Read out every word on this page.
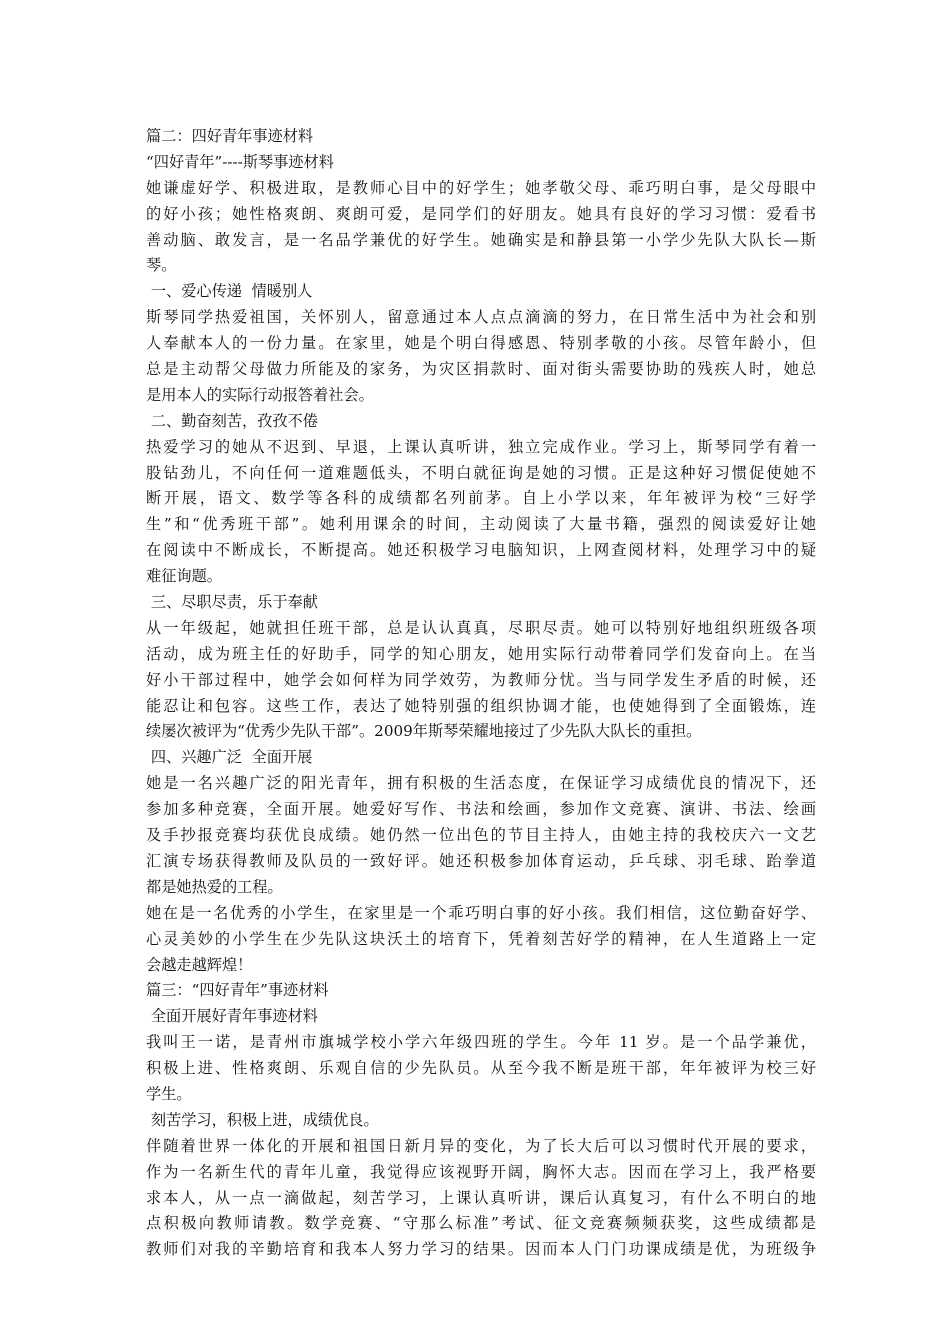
篇二：四好青年事迹材料
“四好青年”----斯琴事迹材料
她谦虚好学、积极进取，是教师心目中的好学生；她孝敬父母、乖巧明白事，是父母眼中
的好小孩；她性格爽朗、爽朗可爱，是同学们的好朋友。她具有良好的学习习惯：爱看书
善动脑、敢发言，是一名品学兼优的好学生。她确实是和静县第一小学少先队大队长—斯
琴。
一、爱心传递  情暖别人
斯琴同学热爱祖国，关怀别人，留意通过本人点点滴滴的努力，在日常生活中为社会和别
人奉献本人的一份力量。在家里，她是个明白得感恩、特别孝敬的小孩。尽管年龄小，但
总是主动帮父母做力所能及的家务，为灾区捐款时、面对街头需要协助的残疾人时，她总
是用本人的实际行动报答着社会。
二、勤奋刻苦，孜孜不倦
热爱学习的她从不迟到、早退，上课认真听讲，独立完成作业。学习上，斯琴同学有着一
股钻劲儿，不向任何一道难题低头，不明白就征询是她的习惯。正是这种好习惯促使她不
断开展，语文、数学等各科的成绩都名列前茅。自上小学以来，年年被评为校“三好学
生”和“优秀班干部”。她利用课余的时间，主动阅读了大量书籍，强烈的阅读爱好让她
在阅读中不断成长，不断提高。她还积极学习电脑知识，上网查阅材料，处理学习中的疑
难征询题。
三、尽职尽责，乐于奉献
从一年级起，她就担任班干部，总是认认真真，尽职尽责。她可以特别好地组织班级各项
活动，成为班主任的好助手，同学的知心朋友，她用实际行动带着同学们发奋向上。在当
好小干部过程中，她学会如何样为同学效劳，为教师分忧。当与同学发生矛盾的时候，还
能忍让和包容。这些工作，表达了她特别强的组织协调才能，也使她得到了全面锻炼，连
续屡次被评为“优秀少先队干部”。2009年斯琴荣耀地接过了少先队大队长的重担。
四、兴趣广泛  全面开展
她是一名兴趣广泛的阳光青年，拥有积极的生活态度，在保证学习成绩优良的情况下，还
参加多种竞赛，全面开展。她爱好写作、书法和绘画，参加作文竞赛、演讲、书法、绘画
及手抄报竞赛均获优良成绩。她仍然一位出色的节目主持人，由她主持的我校庆六一文艺
汇演专场获得教师及队员的一致好评。她还积极参加体育运动，乒乓球、羽毛球、跆拳道
都是她热爱的工程。
她在是一名优秀的小学生，在家里是一个乖巧明白事的好小孩。我们相信，这位勤奋好学、
心灵美妙的小学生在少先队这块沃土的培育下，凭着刻苦好学的精神，在人生道路上一定
会越走越辉煌！
篇三：“四好青年”事迹材料
全面开展好青年事迹材料
我叫王一诺，是青州市旗城学校小学六年级四班的学生。今年 11 岁。是一个品学兼优，
积极上进、性格爽朗、乐观自信的少先队员。从至今我不断是班干部，年年被评为校三好
学生。
刻苦学习，积极上进，成绩优良。
伴随着世界一体化的开展和祖国日新月异的变化，为了长大后可以习惯时代开展的要求，
作为一名新生代的青年儿童，我觉得应该视野开阔，胸怀大志。因而在学习上，我严格要
求本人，从一点一滴做起，刻苦学习，上课认真听讲，课后认真复习，有什么不明白的地
点积极向教师请教。数学竞赛、“守那么标准”考试、征文竞赛频频获奖，这些成绩都是
教师们对我的辛勤培育和我本人努力学习的结果。因而本人门门功课成绩是优，为班级争
